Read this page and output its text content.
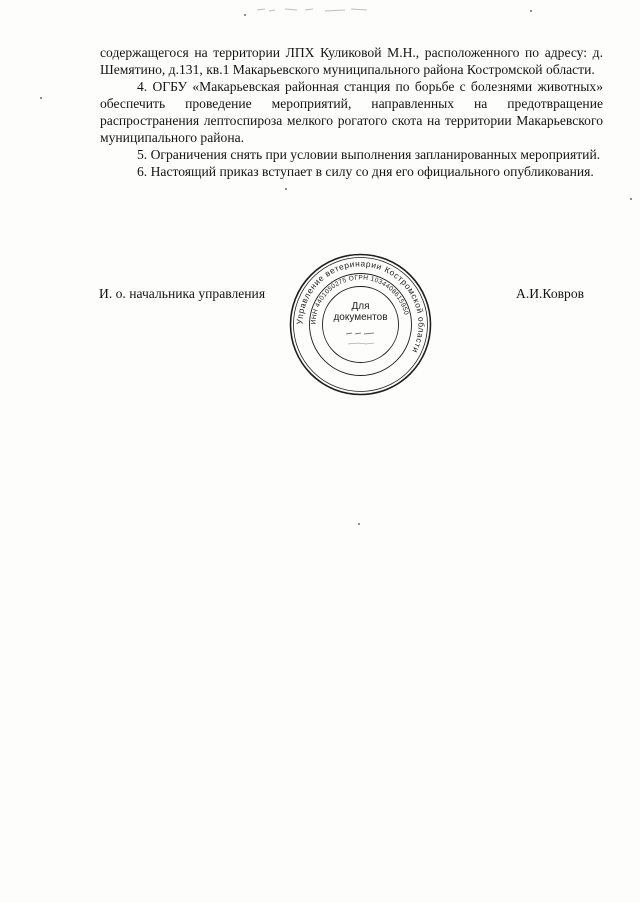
содержащегося на территории ЛПХ Куликовой М.Н., расположенного по адресу: д. Шемятино, д.131, кв.1 Макарьевского муниципального района Костромской области.

4. ОГБУ «Макарьевская районная станция по борьбе с болезнями животных» обеспечить проведение мероприятий, направленных на предотвращение распространения лептоспироза мелкого рогатого скота на территории Макарьевского муниципального района.

5. Ограничения снять при условии выполнения запланированных мероприятий.

6. Настоящий приказ вступает в силу со дня его официального опубликования.

И. о. начальника управления	А.И.Ковров
Управление ветеринарии Костромской области
ИНН 4401050275 ОГРН 1034408615950
Для
документов
